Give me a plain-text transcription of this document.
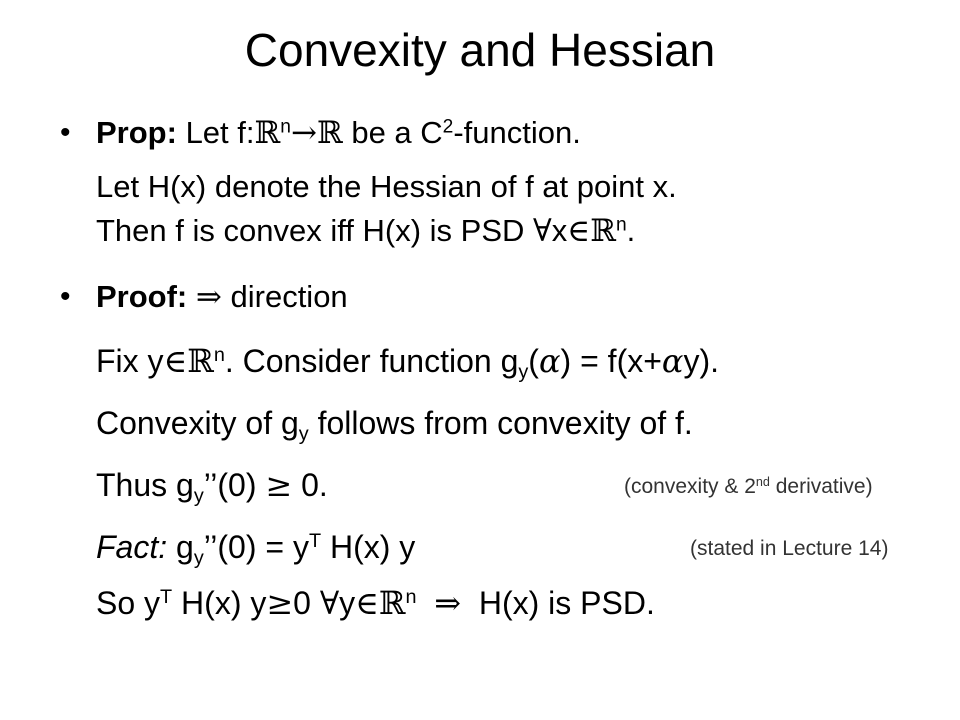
Convexity and Hessian
• Prop: Let f:ℝ$^n$→ℝ be a $C^2$-function.
Let H(x) denote the Hessian of f at point x.
Then f is convex iff H(x) is PSD ∀x∈ℝ$^n$.
• Proof: ⇒ direction
Fix y∈ℝ$^n$. Consider function $g_y(\alpha) = f(x+\alpha y)$.
Convexity of $g_y$ follows from convexity of f.
Thus $g_y’’(0) \ge 0$.	(convexity & 2nd derivative)
Fact: $g_y’’(0) = y^T$ H(x) y	(stated in Lecture 14)
So $y^T$ H(x) y≥0 ∀y∈ℝ$^n$ ⇒ H(x) is PSD.
